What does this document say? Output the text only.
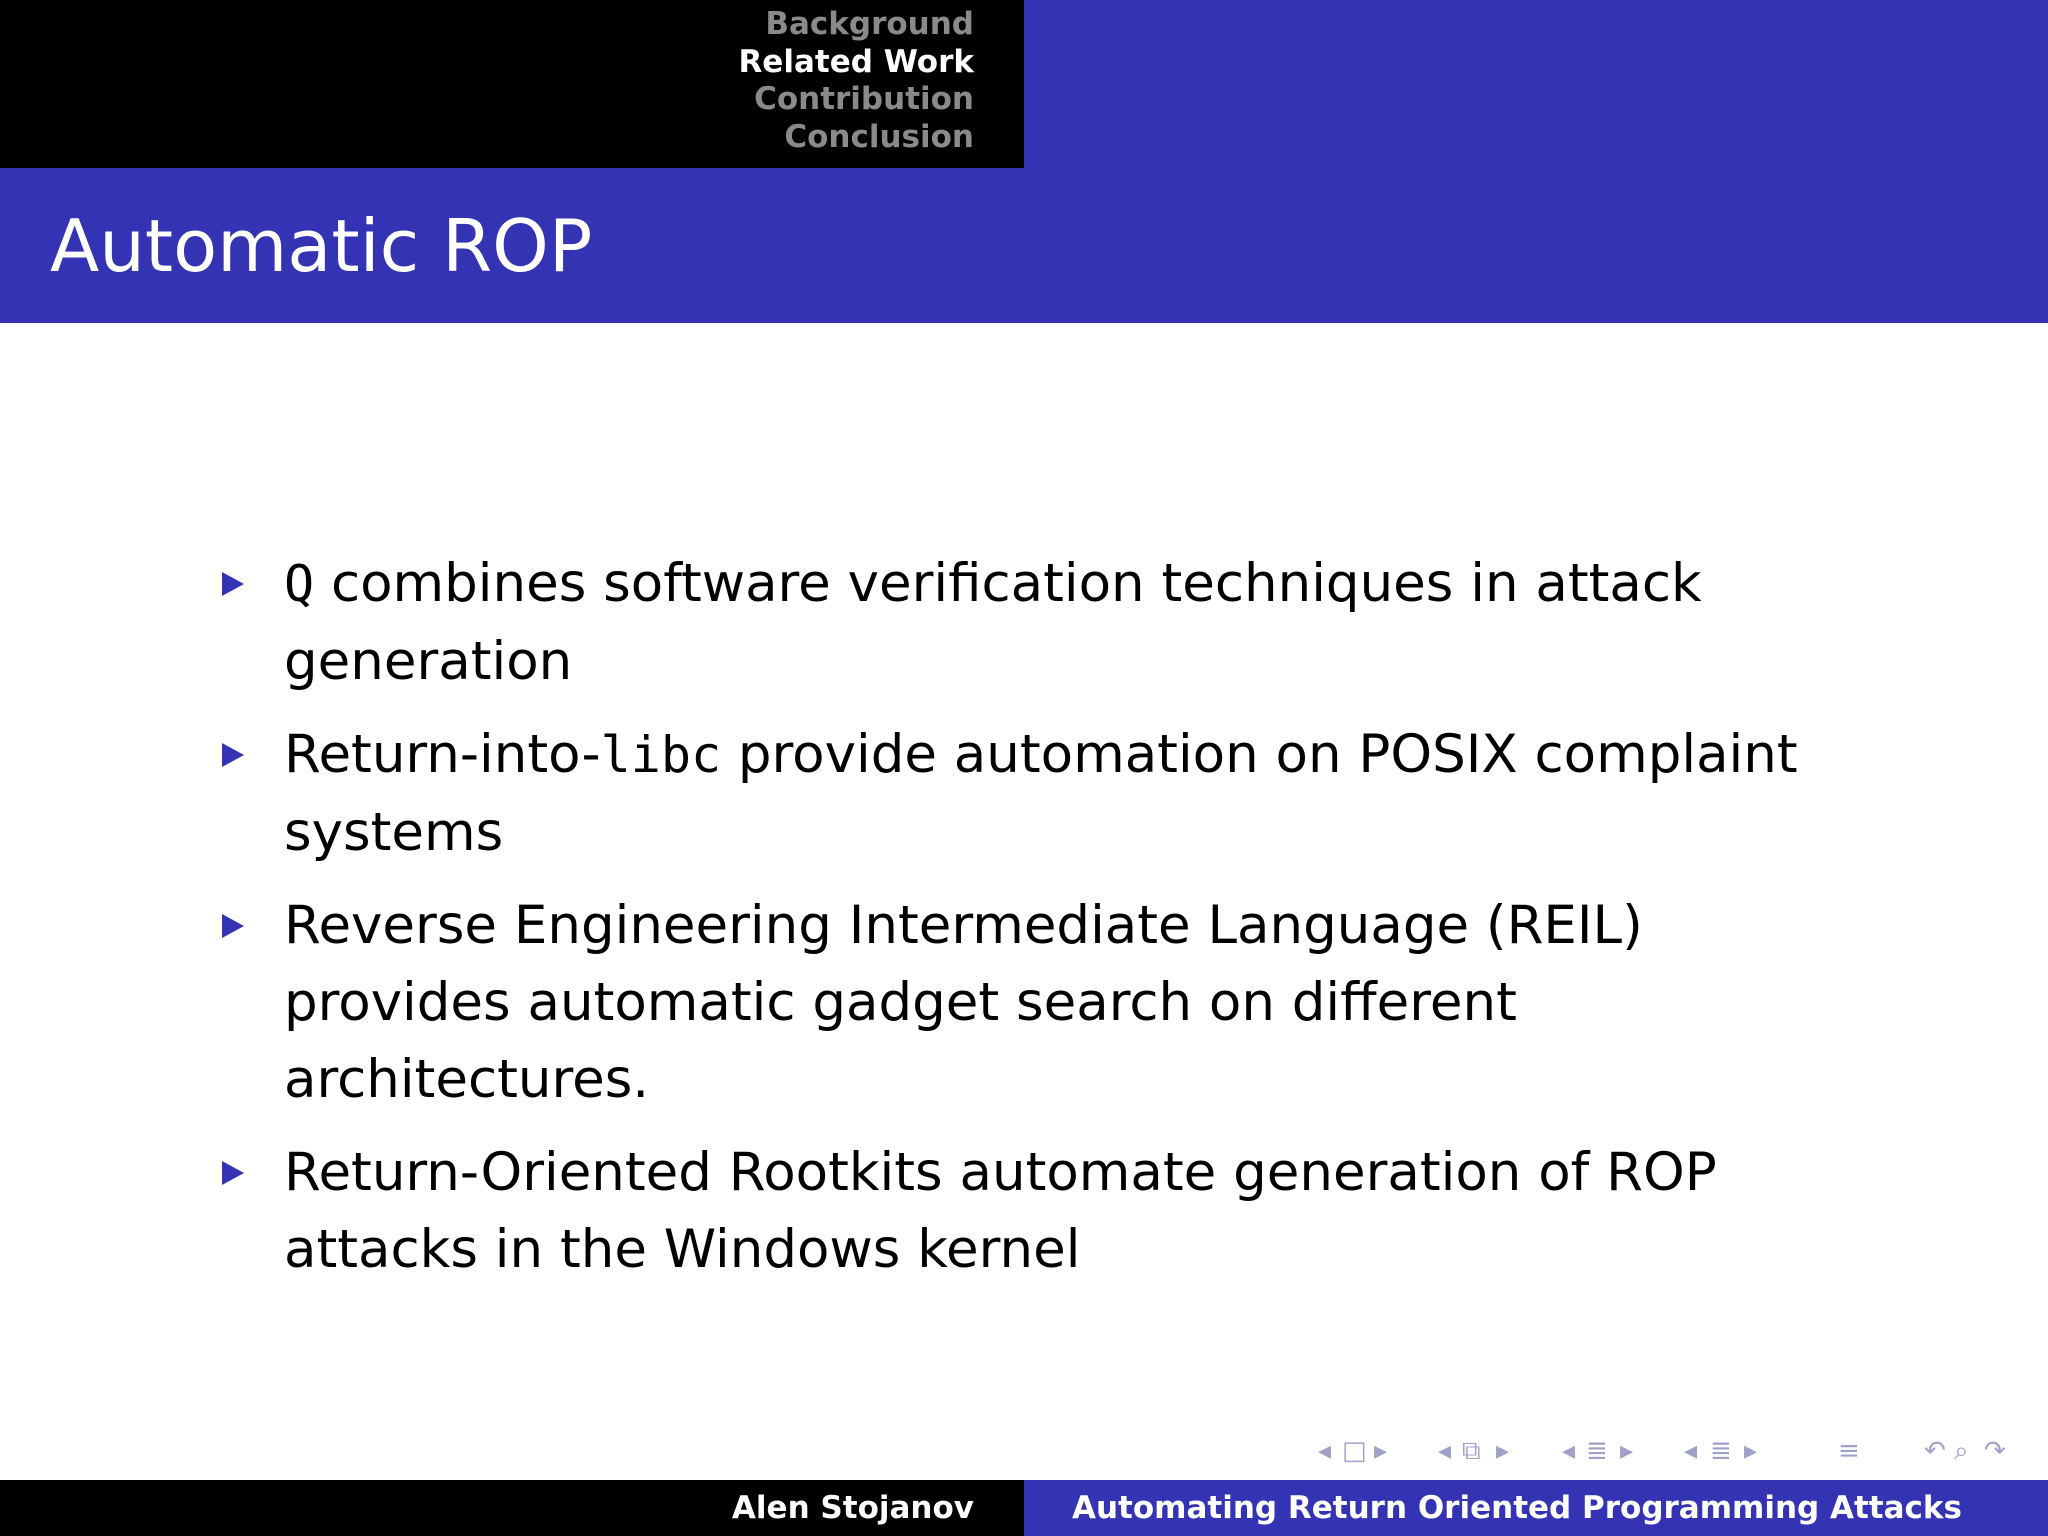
Background
Related Work
Contribution
Conclusion
Automatic ROP
Q combines software verification techniques in attack generation
Return-into-libc provide automation on POSIX complaint systems
Reverse Engineering Intermediate Language (REIL) provides automatic gadget search on different architectures.
Return-Oriented Rootkits automate generation of ROP attacks in the Windows kernel
◂ □ ▸ ◂ ⧉ ▸ ◂ ≣ ▸ ◂ ≣ ▸	≡ ↶ ⌕ ↷
Alen Stojanov	Automating Return Oriented Programming Attacks
